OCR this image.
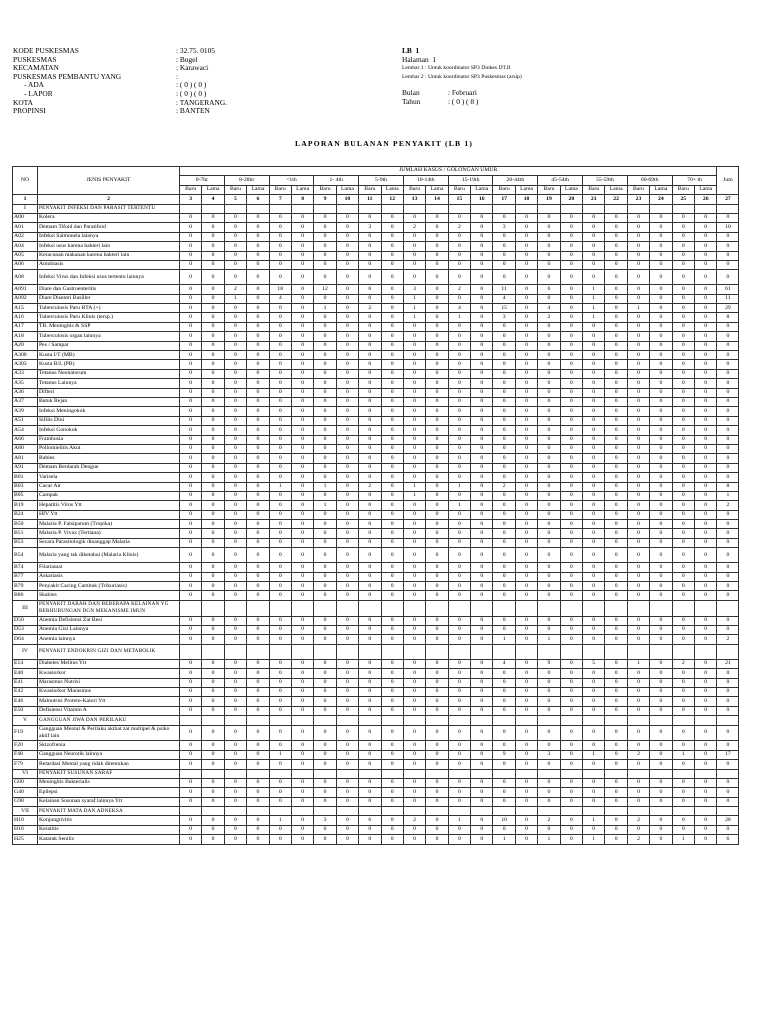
KODE PUSKESMAS
PUSKESMAS
KECAMATAN
PUSKESMAS PEMBANTU YANG
- ADA
- LAPOR
KOTA
PROPINSI
: 32.75. 0105
: Bugel
: Karawaci
:
: ( 0 ) ( 0 )
: ( 0 ) ( 0 )
: TANGERANG.
: BANTEN
LB  1
Halaman  1
Lembar 1 : Untuk koordinator SP3 Dinkes DT.II
Lembar 2 : Untuk koordinator SP3 Puskesmas (arsip)
Bulan	: Februari
Tahun	: ( 0 ) ( 8 )
LAPORAN BULANAN PENYAKIT (LB 1)
NO	JENIS PENYAKIT	JUMLAH KASUS / GOLONGAN UMUR																								Jum
		0-7hr		8-28hr		<1th		1- 4th		5-9th		10-14th		15-19th		20-44th		45-54th		55-59th		60-69th		70+ th		
		Baru	Lama	Baru	Lama	Baru	Lama	Baru	Lama	Baru	Lama	Baru	Lama	Baru	Lama	Baru	Lama	Baru	Lama	Baru	Lama	Baru	Lama	Baru	Lama	
1	2	3	4	5	6	7	8	9	10	11	12	13	14	15	16	17	18	19	20	21	22	23	24	25	26	27
I	PENYAKIT INFEKSI DAN PARASIT TERTENTU																									
A00	Kolera	0	0	0	0	0	0	0	0	0	0	0	0	0	0	0	0	0	0	0	0	0	0	0	0	0
A01	Demam Tifoid dan Paratifoid	0	0	0	0	0	0	0	0	3	0	2	0	2	0	3	0	0	0	0	0	0	0	0	0	10
A02	Infeksi Salmonela lainnya	0	0	0	0	0	0	0	0	0	0	0	0	0	0	0	0	0	0	0	0	0	0	0	0	0
A04	Infeksi usus karena bakteri lain	0	0	0	0	0	0	0	0	0	0	0	0	0	0	0	0	0	0	0	0	0	0	0	0	0
A05	Keracunan makanan karena bakteri lain	0	0	0	0	0	0	0	0	0	0	0	0	0	0	0	0	0	0	0	0	0	0	0	0	0
A06	Amubiasis	0	0	0	0	0	0	0	0	0	0	0	0	0	0	0	0	0	0	0	0	0	0	0	0	0
A08	Infeksi Virus dan Infeksi usus tertentu lainnya	0	0	0	0	0	0	0	0	0	0	0	0	0	0	0	0	0	0	0	0	0	0	0	0	0
A091	Diare dan Gastroenteritis	0	0	2	0	18	0	12	0	6	0	3	0	2	0	11	0	6	0	1	0	0	0	0	0	61
A092	Diare Disentri Basiller	0	0	1	0	4	0	0	0	0	0	1	0	0	0	4	0	0	0	1	0	0	0	0	0	11
A15	Tuberculosis Paru BTA (+)	0	0	0	0	0	0	1	0	2	0	1	0	4	0	15	0	4	0	1	0	1	0	0	0	29
A16	Tuberculosis Paru Klinis (tersp.)	0	0	0	0	0	0	0	0	0	0	1	0	1	0	3	0	2	0	1	0	0	0	0	0	8
A17	TB. Meningitis & SSP	0	0	0	0	0	0	0	0	0	0	0	0	0	0	0	0	0	0	0	0	0	0	0	0	0
A18	Tuberculosis organ lainnya	0	0	0	0	0	0	0	0	0	0	0	0	0	0	0	0	0	0	0	0	0	0	0	0	0
A20	Pes / Sampar	0	0	0	0	0	0	0	0	0	0	0	0	0	0	0	0	0	0	0	0	0	0	0	0	0
A300	Kusta I/T (MB)	0	0	0	0	0	0	0	0	0	0	0	0	0	0	0	0	0	0	0	0	0	0	0	0	0
A303	Kusta B/L (PB)	0	0	0	0	0	0	0	0	0	0	0	0	0	0	0	0	0	0	0	0	0	0	0	0	0
A33	Tetanus Neonatorum	0	0	0	0	0	0	0	0	0	0	0	0	0	0	0	0	0	0	0	0	0	0	0	0	0
A35	Tetanus Lainnya	0	0	0	0	0	0	0	0	0	0	0	0	0	0	0	0	0	0	0	0	0	0	0	0	0
A36	Difteri	0	0	0	0	0	0	0	0	0	0	0	0	0	0	0	0	0	0	0	0	0	0	0	0	0
A37	Batuk Rejan	0	0	0	0	0	0	0	0	0	0	0	0	0	0	0	0	0	0	0	0	0	0	0	0	0
A39	Infeksi Meningokok	0	0	0	0	0	0	0	0	0	0	0	0	0	0	0	0	0	0	0	0	0	0	0	0	0
A51	Sifilis Dini	0	0	0	0	0	0	0	0	0	0	0	0	0	0	0	0	0	0	0	0	0	0	0	0	0
A54	Infeksi Gonokok	0	0	0	0	0	0	0	0	0	0	0	0	0	0	0	0	0	0	0	0	0	0	0	0	0
A66	Frambusia	0	0	0	0	0	0	0	0	0	0	0	0	0	0	0	0	0	0	0	0	0	0	0	0	0
A80	Poliomielitis Akut	0	0	0	0	0	0	0	0	0	0	0	0	0	0	0	0	0	0	0	0	0	0	0	0	0
A81	Rabies	0	0	0	0	0	0	0	0	0	0	0	0	0	0	0	0	0	0	0	0	0	0	0	0	0
A91	Demam Berdarah Dengue	0	0	0	0	0	0	0	0	0	0	0	0	0	0	0	0	0	0	0	0	0	0	0	0	0
B01	Varisela	0	0	0	0	0	0	0	0	0	0	0	0	0	0	0	0	0	0	0	0	0	0	0	0	0
B03	Cacar Air	0	0	0	0	1	0	1	0	2	0	1	0	1	0	2	0	0	0	0	0	0	0	0	0	8
B05	Campak	0	0	0	0	0	0	0	0	0	0	1	0	0	0	0	0	0	0	0	0	0	0	0	0	1
B19	Hepatitis Virus Ytt	0	0	0	0	0	0	1	0	0	0	0	0	1	0	0	0	0	0	0	0	0	0	0	0	2
B24	HIV Ytt	0	0	0	0	0	0	0	0	0	0	0	0	0	0	0	0	0	0	0	0	0	0	0	0	0
B50	Malaria P. Falsiparum (Tropika)	0	0	0	0	0	0	0	0	0	0	0	0	0	0	0	0	0	0	0	0	0	0	0	0	0
B51	Malaria P. Vivax (Tertiana)	0	0	0	0	0	0	0	0	0	0	0	0	0	0	0	0	0	0	0	0	0	0	0	0	0
B53	Secara Parasitologik dinanggap Malaria	0	0	0	0	0	0	0	0	0	0	0	0	0	0	0	0	0	0	0	0	0	0	0	0	0
B54	Malaria yang tak diketahui (Malaria Klinis)	0	0	0	0	0	0	0	0	0	0	0	0	0	0	0	0	0	0	0	0	0	0	0	0	0
B74	Filariasasi	0	0	0	0	0	0	0	0	0	0	0	0	0	0	0	0	0	0	0	0	0	0	0	0	0
B77	Askariasis	0	0	0	0	0	0	0	0	0	0	0	0	0	0	0	0	0	0	0	0	0	0	0	0	0
B79	Penyakit Cacing Cambuk (Trikuriasis)	0	0	0	0	0	0	0	0	0	0	0	0	0	0	0	0	0	0	0	0	0	0	0	0	0
B86	Skabies	0	0	0	0	0	0	0	0	0	0	0	0	0	0	0	0	0	0	0	0	0	0	0	0	0
III	PENYAKIT DARAH DAN BEBERAPA KELAINAN YG BERHUBUNGAN DGN MEKANISME IMUN																									
D50	Anemia Defisiensi Zat Besi	0	0	0	0	0	0	0	0	0	0	0	0	0	0	0	0	0	0	0	0	0	0	0	0	0
D53	Anemia Gizi Lainnya	0	0	0	0	0	0	0	0	0	0	0	0	0	0	0	0	0	0	0	0	0	0	0	0	0
D64	Anemia lainnya	0	0	0	0	0	0	0	0	0	0	0	0	0	0	1	0	1	0	0	0	0	0	0	0	2
IV	PENYAKIT ENDOKRIN GIZI DAN METABOLIK																									
E14	Diabetes Melitus Ytt	0	0	0	0	0	0	0	0	0	0	0	0	0	0	4	0	9	0	5	0	1	0	2	0	21
E40	Kwasiorkor	0	0	0	0	0	0	0	0	0	0	0	0	0	0	0	0	0	0	0	0	0	0	0	0	0
E41	Marasmus Nutrisi	0	0	0	0	0	0	0	0	0	0	0	0	0	0	0	0	0	0	0	0	0	0	0	0	0
E42	Kwasiorkor Marasmus	0	0	0	0	0	0	0	0	0	0	0	0	0	0	0	0	0	0	0	0	0	0	0	0	0
E46	Malnutrisi Protein-Kalori Ytt	0	0	0	0	0	0	0	0	0	0	0	0	0	0	0	0	0	0	0	0	0	0	0	0	0
E50	Defisiensi Vitamin A	0	0	0	0	0	0	0	0	0	0	0	0	0	0	0	0	0	0	0	0	0	0	0	0	0
V	GANGGUAN JIWA DAN PERILAKU																									
F19	Gangguan Mental & Perilaku akibat zat multipel & psiko aktif lain	0	0	0	0	0	0	0	0	0	0	0	0	0	0	0	0	0	0	0	0	0	0	0	0	0
F20	Skizofrenia	0	0	0	0	0	0	0	0	0	0	0	0	0	0	0	0	0	0	0	0	0	0	0	0	0
F48	Gangguan Neurotik lainnya	0	0	0	0	1	0	0	0	0	0	0	0	0	0	9	0	3	0	1	0	2	0	1	0	17
F79	Retardasi Mental yang tidak ditentukan	0	0	0	0	0	0	0	0	0	0	0	0	0	0	0	0	0	0	0	0	0	0	0	0	0
VI	PENYAKIT SUSUNAN SARAF																									
G00	Meningitis Bakterialis	0	0	0	0	0	0	0	0	0	0	0	0	0	0	0	0	0	0	0	0	0	0	0	0	0
G40	Epilepsi	0	0	0	0	0	0	0	0	0	0	0	0	0	0	0	0	0	0	0	0	0	0	0	0	0
G98	Kelainan Susunan syaraf lainnya Ytt	0	0	0	0	0	0	0	0	0	0	0	0	0	0	0	0	0	0	0	0	0	0	0	0	0
VII	PENYAKIT MATA DAN ADNEKSA																									
H10	Konjungtivitis	0	0	0	0	1	0	3	0	6	0	2	0	1	0	10	0	2	0	1	0	2	0	0	0	28
H16	Keratitis	0	0	0	0	0	0	0	0	0	0	0	0	0	0	0	0	0	0	0	0	0	0	0	0	0
H25	Katarak Senilis	0	0	0	0	0	0	0	0	0	0	0	0	0	0	1	0	1	0	1	0	2	0	1	0	6
